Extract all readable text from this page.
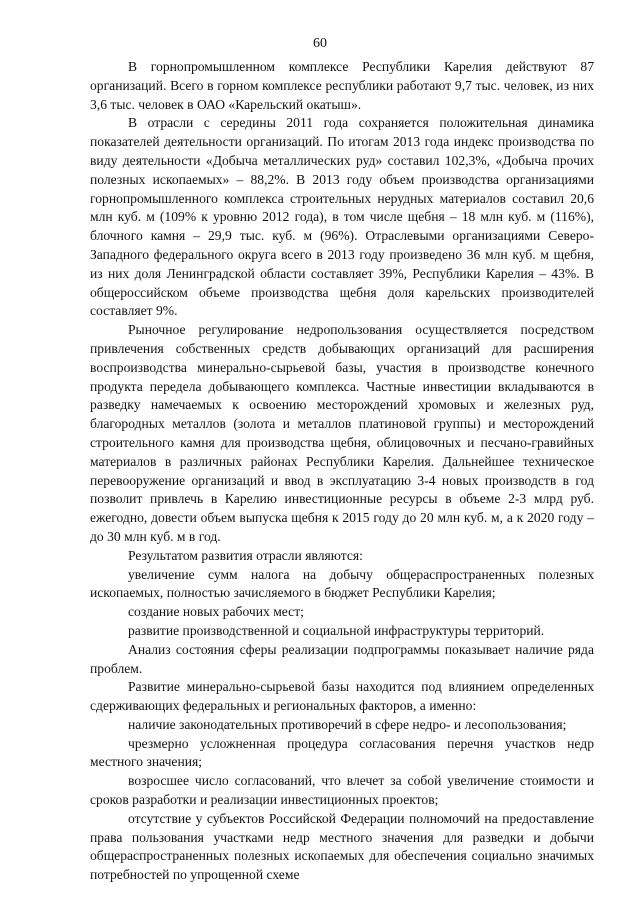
60

В горнопромышленном комплексе Республики Карелия действуют 87 организаций. Всего в горном комплексе республики работают 9,7 тыс. человек, из них 3,6 тыс. человек в ОАО «Карельский окатыш».

В отрасли с середины 2011 года сохраняется положительная динамика показателей деятельности организаций. По итогам 2013 года индекс производства по виду деятельности «Добыча металлических руд» составил 102,3%, «Добыча прочих полезных ископаемых» – 88,2%. В 2013 году объем производства организациями горнопромышленного комплекса строительных нерудных материалов составил 20,6 млн куб. м (109% к уровню 2012 года), в том числе щебня – 18 млн куб. м (116%), блочного камня – 29,9 тыс. куб. м (96%). Отраслевыми организациями Северо-Западного федерального округа всего в 2013 году произведено 36 млн куб. м щебня, из них доля Ленинградской области составляет 39%, Республики Карелия – 43%. В общероссийском объеме производства щебня доля карельских производителей составляет 9%.

Рыночное регулирование недропользования осуществляется посредством привлечения собственных средств добывающих организаций для расширения воспроизводства минерально-сырьевой базы, участия в производстве конечного продукта передела добывающего комплекса. Частные инвестиции вкладываются в разведку намечаемых к освоению месторождений хромовых и железных руд, благородных металлов (золота и металлов платиновой группы) и месторождений строительного камня для производства щебня, облицовочных и песчано-гравийных материалов в различных районах Республики Карелия. Дальнейшее техническое перевооружение организаций и ввод в эксплуатацию 3-4 новых производств в год позволит привлечь в Карелию инвестиционные ресурсы в объеме 2-3 млрд руб. ежегодно, довести объем выпуска щебня к 2015 году до 20 млн куб. м, а к 2020 году – до 30 млн куб. м в год.

Результатом развития отрасли являются:

увеличение сумм налога на добычу общераспространенных полезных ископаемых, полностью зачисляемого в бюджет Республики Карелия;

создание новых рабочих мест;

развитие производственной и социальной инфраструктуры территорий.

Анализ состояния сферы реализации подпрограммы показывает наличие ряда проблем.

Развитие минерально-сырьевой базы находится под влиянием определенных сдерживающих федеральных и региональных факторов, а именно:

наличие законодательных противоречий в сфере недро- и лесопользования;

чрезмерно усложненная процедура согласования перечня участков недр местного значения;

возросшее число согласований, что влечет за собой увеличение стоимости и сроков разработки и реализации инвестиционных проектов;

отсутствие у субъектов Российской Федерации полномочий на предоставление права пользования участками недр местного значения для разведки и добычи общераспространенных полезных ископаемых для обеспечения социально значимых потребностей по упрощенной схеме
